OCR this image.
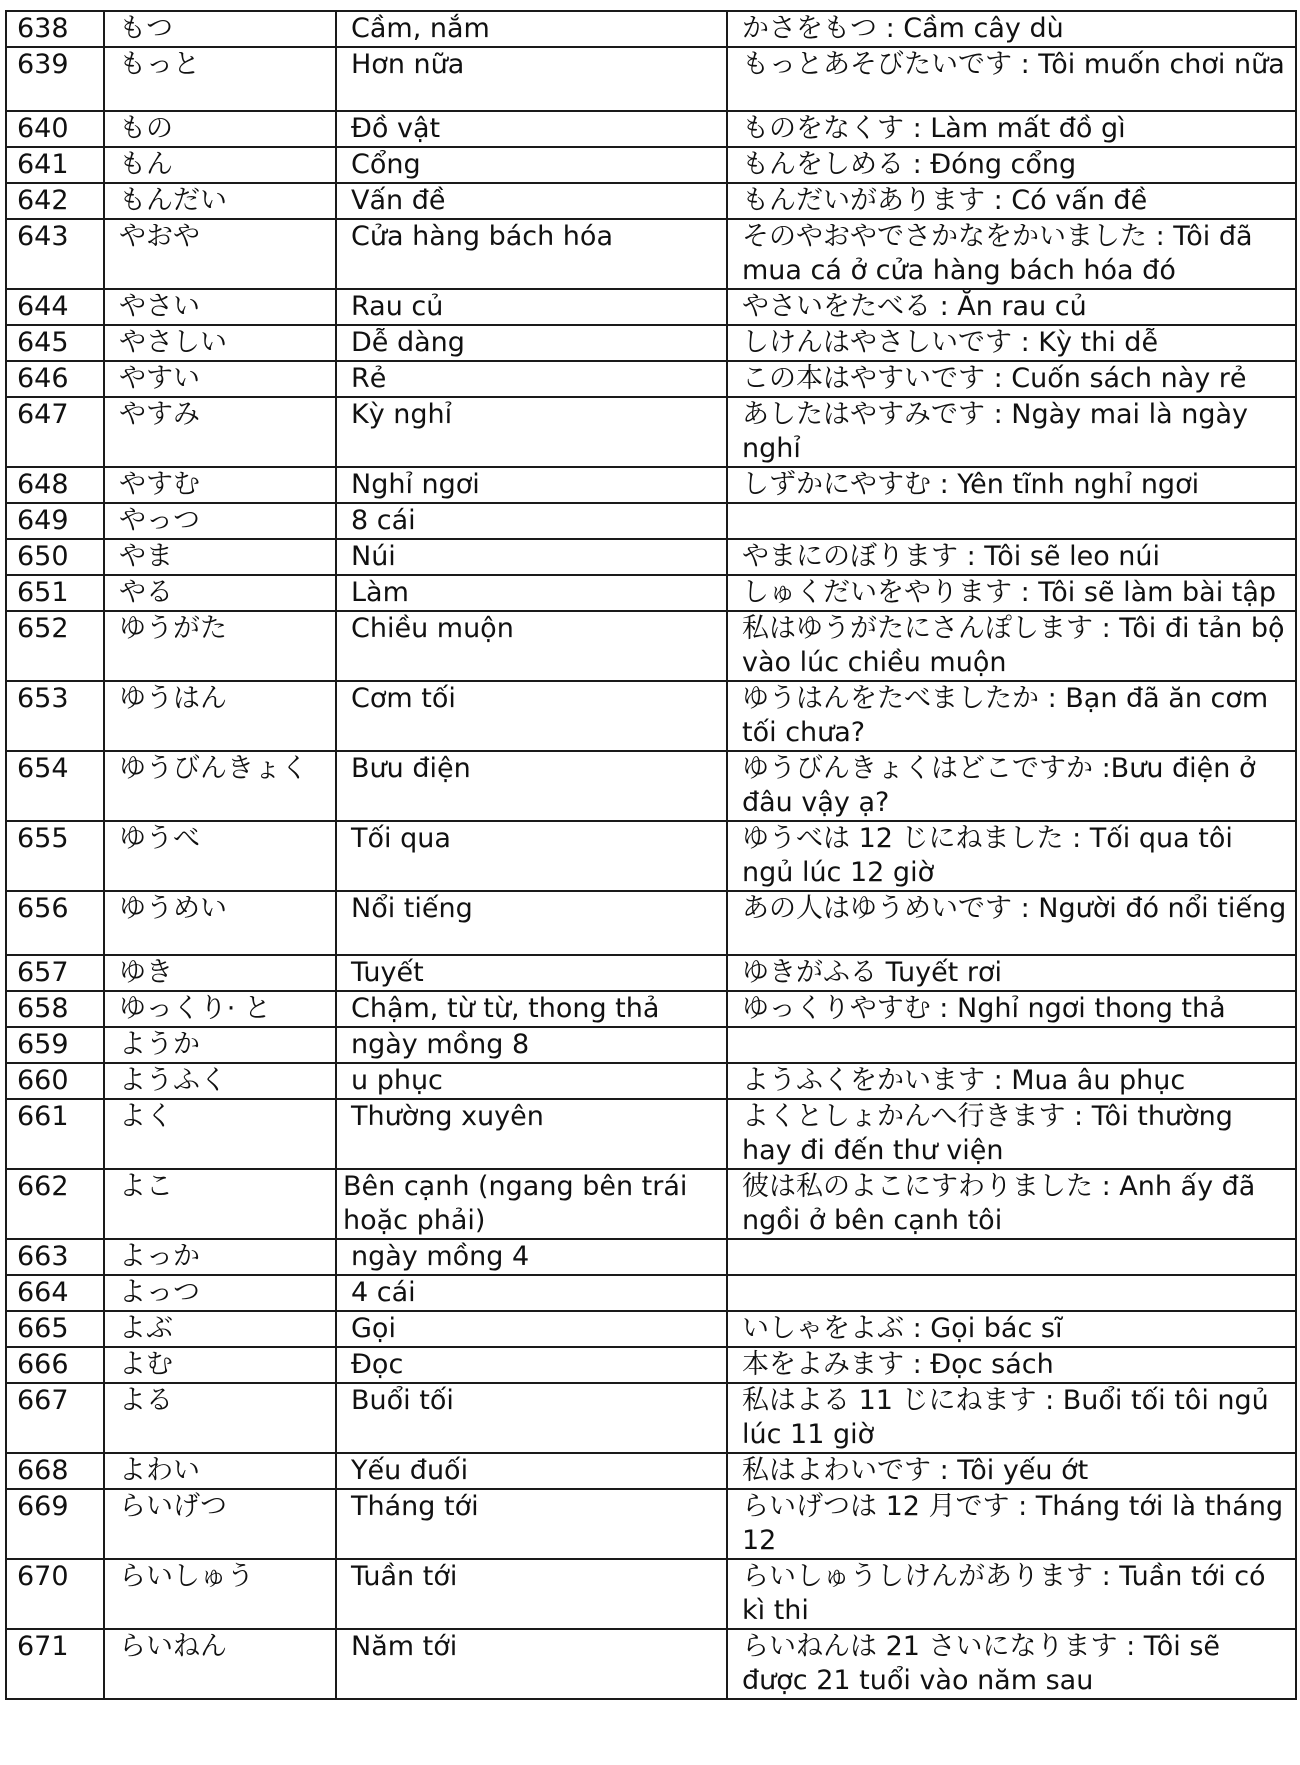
638	もつ	Cầm, nắm	かさをもつ : Cầm cây dù
639	もっと	Hơn nữa	もっとあそびたいです : Tôi muốn chơi nữa
640	もの	Đồ vật	ものをなくす : Làm mất đồ gì
641	もん	Cổng	もんをしめる : Đóng cổng
642	もんだい	Vấn đề	もんだいがあります : Có vấn đề
643	やおや	Cửa hàng bách hóa	そのやおやでさかなをかいました : Tôi đã mua cá ở cửa hàng bách hóa đó
644	やさい	Rau củ	やさいをたべる : Ăn rau củ
645	やさしい	Dễ dàng	しけんはやさしいです : Kỳ thi dễ
646	やすい	Rẻ	この本はやすいです : Cuốn sách này rẻ
647	やすみ	Kỳ nghỉ	あしたはやすみです : Ngày mai là ngày nghỉ
648	やすむ	Nghỉ ngơi	しずかにやすむ : Yên tĩnh nghỉ ngơi
649	やっつ	8 cái	
650	やま	Núi	やまにのぼります : Tôi sẽ leo núi
651	やる	Làm	しゅくだいをやります : Tôi sẽ làm bài tập
652	ゆうがた	Chiều muộn	私はゆうがたにさんぽします : Tôi đi tản bộ vào lúc chiều muộn
653	ゆうはん	Cơm tối	ゆうはんをたべましたか : Bạn đã ăn cơm tối chưa?
654	ゆうびんきょく	Bưu điện	ゆうびんきょくはどこですか :Bưu điện ở đâu vậy ạ?
655	ゆうべ	Tối qua	ゆうべは 12 じにねました : Tối qua tôi ngủ lúc 12 giờ
656	ゆうめい	Nổi tiếng	あの人はゆうめいです : Người đó nổi tiếng
657	ゆき	Tuyết	ゆきがふる Tuyết rơi
658	ゆっくり· と	Chậm, từ từ, thong thả	ゆっくりやすむ : Nghỉ ngơi thong thả
659	ようか	ngày mồng 8	
660	ようふく	u phục	ようふくをかいます : Mua âu phục
661	よく	Thường xuyên	よくとしょかんへ行きます : Tôi thường hay đi đến thư viện
662	よこ	Bên cạnh (ngang bên trái hoặc phải)	彼は私のよこにすわりました : Anh ấy đã ngồi ở bên cạnh tôi
663	よっか	ngày mồng 4	
664	よっつ	4 cái	
665	よぶ	Gọi	いしゃをよぶ : Gọi bác sĩ
666	よむ	Đọc	本をよみます : Đọc sách
667	よる	Buổi tối	私はよる 11 じにねます : Buổi tối tôi ngủ lúc 11 giờ
668	よわい	Yếu đuối	私はよわいです : Tôi yếu ớt
669	らいげつ	Tháng tới	らいげつは 12 月です : Tháng tới là tháng 12
670	らいしゅう	Tuần tới	らいしゅうしけんがあります : Tuần tới có kì thi
671	らいねん	Năm tới	らいねんは 21 さいになります : Tôi sẽ được 21 tuổi vào năm sau
